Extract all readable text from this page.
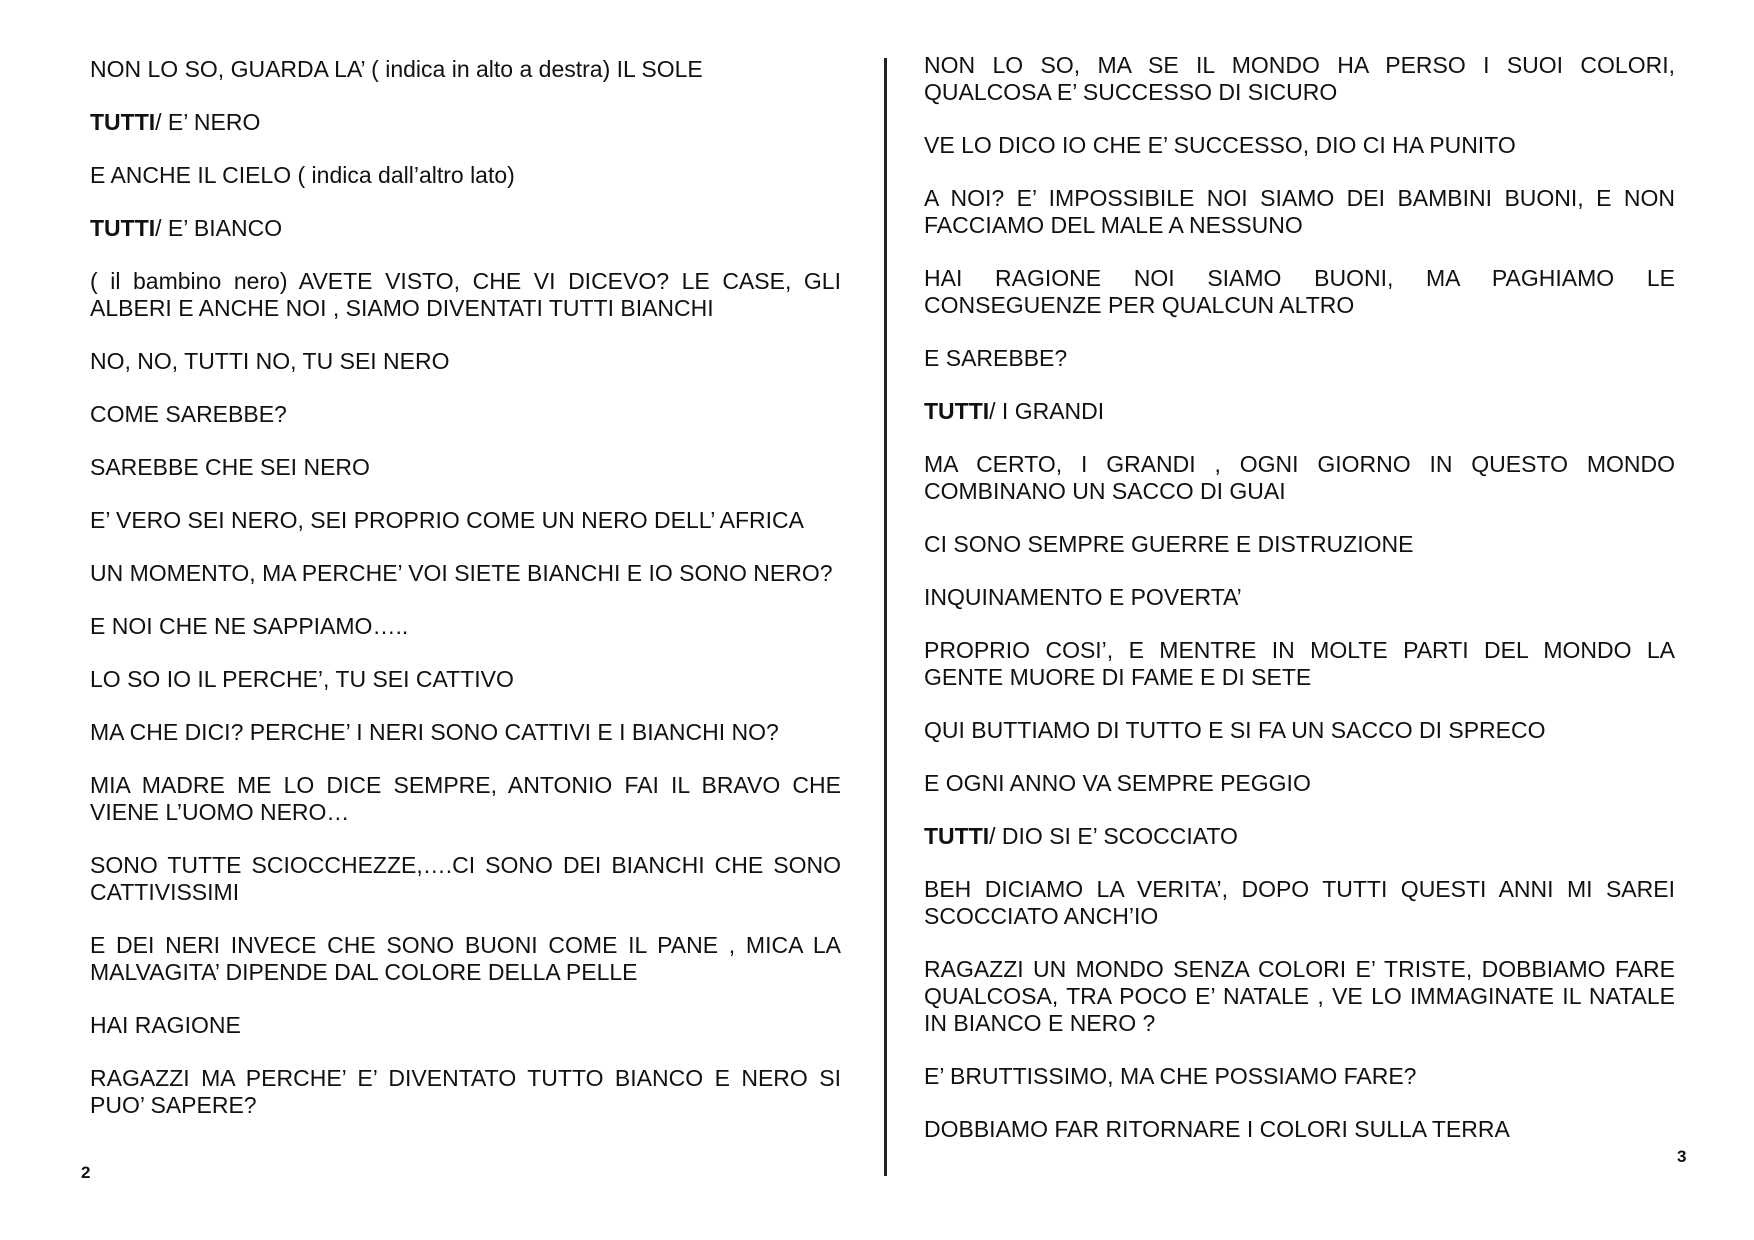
NON LO SO, GUARDA LA’ ( indica in alto a destra) IL SOLE

TUTTI/ E’ NERO

E ANCHE IL CIELO ( indica dall’altro lato)

TUTTI/ E’ BIANCO

( il bambino nero) AVETE VISTO, CHE VI DICEVO? LE CASE, GLI ALBERI E ANCHE NOI , SIAMO DIVENTATI TUTTI BIANCHI

NO, NO, TUTTI NO, TU SEI NERO

COME SAREBBE?

SAREBBE CHE SEI NERO

E’ VERO SEI NERO, SEI PROPRIO COME UN NERO DELL’ AFRICA

UN MOMENTO, MA PERCHE’ VOI SIETE BIANCHI E IO SONO NERO?

E NOI CHE NE SAPPIAMO…..

LO SO IO IL PERCHE’, TU SEI CATTIVO

MA CHE DICI? PERCHE’ I NERI SONO CATTIVI E I BIANCHI NO?

MIA MADRE ME LO DICE SEMPRE, ANTONIO FAI IL BRAVO CHE VIENE L’UOMO NERO…

SONO TUTTE SCIOCCHEZZE,….CI SONO DEI BIANCHI CHE SONO CATTIVISSIMI

E DEI NERI INVECE CHE SONO BUONI COME IL PANE , MICA LA MALVAGITA’ DIPENDE DAL COLORE DELLA PELLE

HAI RAGIONE

RAGAZZI MA PERCHE’ E’ DIVENTATO TUTTO BIANCO E NERO SI PUO’ SAPERE?

NON LO SO, MA SE IL MONDO HA PERSO I SUOI COLORI, QUALCOSA E’ SUCCESSO DI SICURO

VE LO DICO IO CHE E’ SUCCESSO, DIO CI HA PUNITO

A NOI? E’ IMPOSSIBILE NOI SIAMO DEI BAMBINI BUONI, E NON FACCIAMO DEL MALE A NESSUNO

HAI RAGIONE NOI SIAMO BUONI, MA PAGHIAMO LE CONSEGUENZE PER QUALCUN ALTRO

E SAREBBE?

TUTTI/ I GRANDI

MA CERTO, I GRANDI , OGNI GIORNO IN QUESTO MONDO COMBINANO UN SACCO DI GUAI

CI SONO SEMPRE GUERRE E DISTRUZIONE

INQUINAMENTO E POVERTA’

PROPRIO COSI’, E MENTRE IN MOLTE PARTI DEL MONDO LA GENTE MUORE DI FAME E DI SETE

QUI BUTTIAMO DI TUTTO E SI FA UN SACCO DI SPRECO

E OGNI ANNO VA SEMPRE PEGGIO

TUTTI/ DIO SI E’ SCOCCIATO

BEH DICIAMO LA VERITA’, DOPO TUTTI QUESTI ANNI MI SAREI SCOCCIATO ANCH’IO

RAGAZZI UN MONDO SENZA COLORI E’ TRISTE, DOBBIAMO FARE QUALCOSA, TRA POCO E’ NATALE , VE LO IMMAGINATE IL NATALE IN BIANCO E NERO ?

E’ BRUTTISSIMO, MA CHE POSSIAMO FARE?

DOBBIAMO FAR RITORNARE I COLORI SULLA TERRA

2
3
